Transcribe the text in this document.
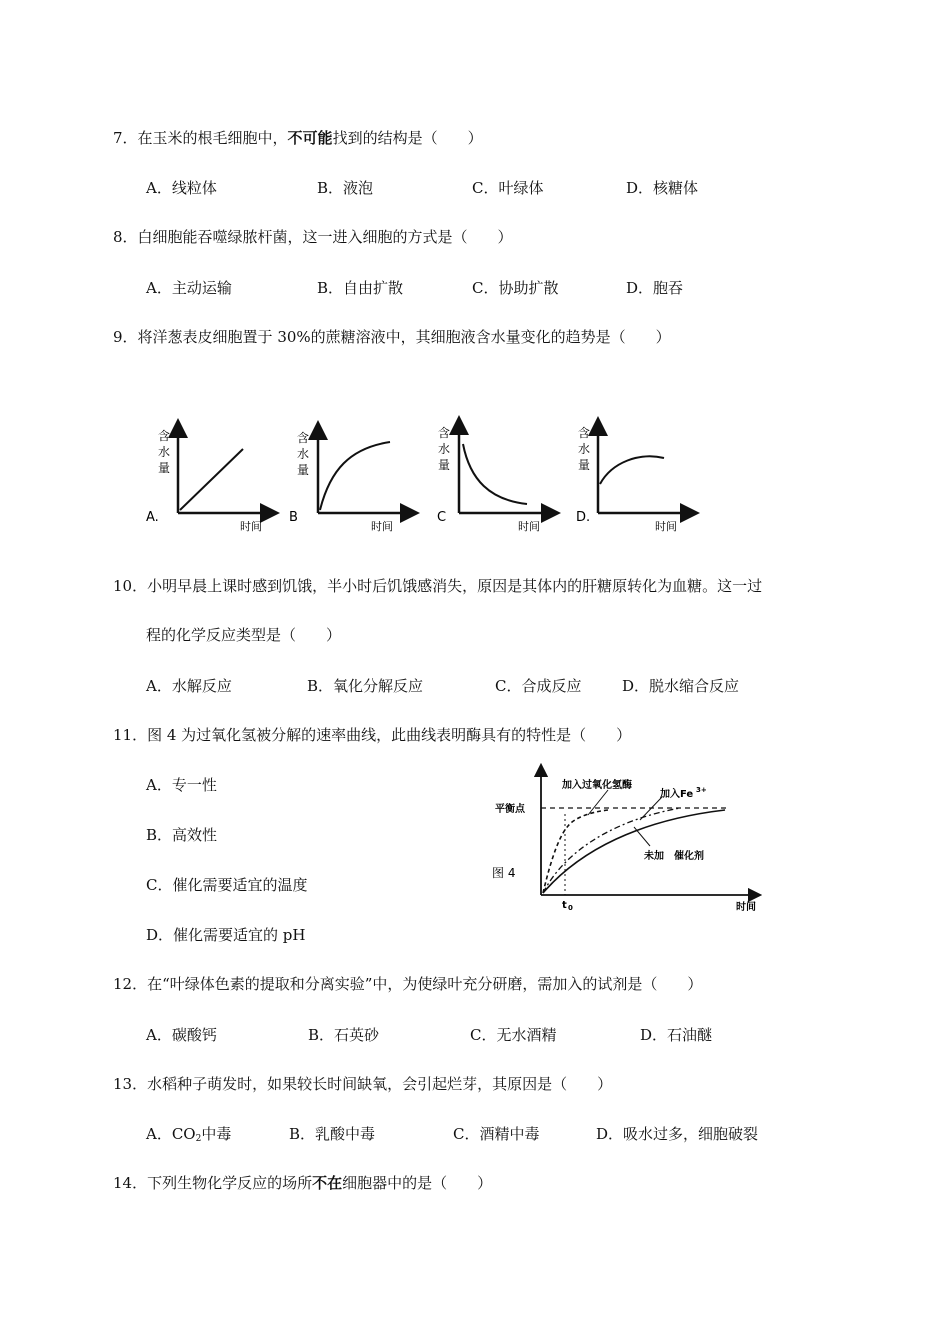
7．在玉米的根毛细胞中，不可能找到的结构是（　　）
A．线粒体	B．液泡	C．叶绿体	D．核糖体
8．白细胞能吞噬绿脓杆菌，这一进入细胞的方式是（　　）
A．主动运输	B．自由扩散	C．协助扩散	D．胞吞
9．将洋葱表皮细胞置于 30%的蔗糖溶液中，其细胞液含水量变化的趋势是（　　）
含
水
量
A.
时间
含
水
量
B
时间
含
水
量
C
时间
含
水
量
D.
时间
加入过氧化氢酶
加入Fe 3+
平衡点
未加　催化剂
图 4
t 0	时间
10．小明早晨上课时感到饥饿，半小时后饥饿感消失，原因是其体内的肝糖原转化为血糖。这一过
程的化学反应类型是（　　）
A．水解反应	B．氧化分解反应	C．合成反应	D．脱水缩合反应
11．图 4 为过氧化氢被分解的速率曲线，此曲线表明酶具有的特性是（　　）
A．专一性
B．高效性
C．催化需要适宜的温度
D．催化需要适宜的 pH
12．在“叶绿体色素的提取和分离实验”中，为使绿叶充分研磨，需加入的试剂是（　　）
A．碳酸钙	B．石英砂	C．无水酒精	D．石油醚
13．水稻种子萌发时，如果较长时间缺氧，会引起烂芽，其原因是（　　）
A．$CO_2$中毒	B．乳酸中毒	C．酒精中毒	D．吸水过多，细胞破裂
14．下列生物化学反应的场所不在细胞器中的是（　　）
